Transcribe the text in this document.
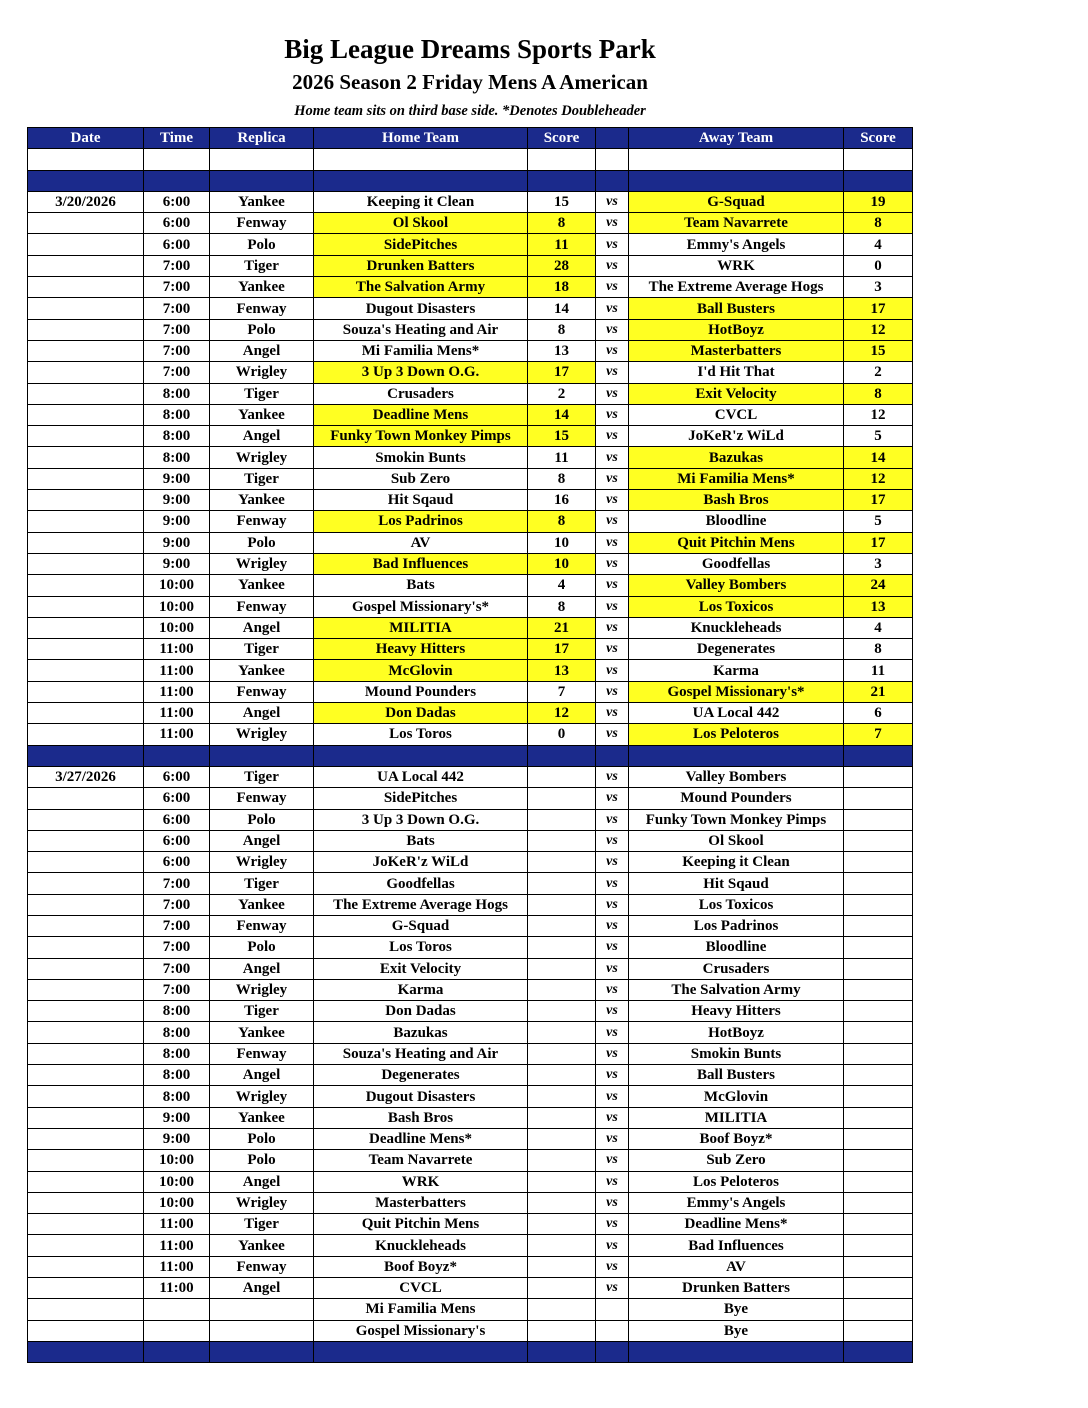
Big League Dreams Sports Park
2026 Season 2 Friday Mens A American
Home team sits on third base side. *Denotes Doubleheader
Date	Time	Replica	Home Team	Score		Away Team	Score

3/20/2026	6:00	Yankee	Keeping it Clean	15	vs	G-Squad	19
	6:00	Fenway	Ol Skool	8	vs	Team Navarrete	8
	6:00	Polo	SidePitches	11	vs	Emmy's Angels	4
	7:00	Tiger	Drunken Batters	28	vs	WRK	0
	7:00	Yankee	The Salvation Army	18	vs	The Extreme Average Hogs	3
	7:00	Fenway	Dugout Disasters	14	vs	Ball Busters	17
	7:00	Polo	Souza's Heating and Air	8	vs	HotBoyz	12
	7:00	Angel	Mi Familia Mens*	13	vs	Masterbatters	15
	7:00	Wrigley	3 Up 3 Down O.G.	17	vs	I'd Hit That	2
	8:00	Tiger	Crusaders	2	vs	Exit Velocity	8
	8:00	Yankee	Deadline Mens	14	vs	CVCL	12
	8:00	Angel	Funky Town Monkey Pimps	15	vs	JoKeR'z WiLd	5
	8:00	Wrigley	Smokin Bunts	11	vs	Bazukas	14
	9:00	Tiger	Sub Zero	8	vs	Mi Familia Mens*	12
	9:00	Yankee	Hit Sqaud	16	vs	Bash Bros	17
	9:00	Fenway	Los Padrinos	8	vs	Bloodline	5
	9:00	Polo	AV	10	vs	Quit Pitchin Mens	17
	9:00	Wrigley	Bad Influences	10	vs	Goodfellas	3
	10:00	Yankee	Bats	4	vs	Valley Bombers	24
	10:00	Fenway	Gospel Missionary's*	8	vs	Los Toxicos	13
	10:00	Angel	MILITIA	21	vs	Knuckleheads	4
	11:00	Tiger	Heavy Hitters	17	vs	Degenerates	8
	11:00	Yankee	McGlovin	13	vs	Karma	11
	11:00	Fenway	Mound Pounders	7	vs	Gospel Missionary's*	21
	11:00	Angel	Don Dadas	12	vs	UA Local 442	6
	11:00	Wrigley	Los Toros	0	vs	Los Peloteros	7

3/27/2026	6:00	Tiger	UA Local 442		vs	Valley Bombers	
	6:00	Fenway	SidePitches		vs	Mound Pounders	
	6:00	Polo	3 Up 3 Down O.G.		vs	Funky Town Monkey Pimps	
	6:00	Angel	Bats		vs	Ol Skool	
	6:00	Wrigley	JoKeR'z WiLd		vs	Keeping it Clean	
	7:00	Tiger	Goodfellas		vs	Hit Sqaud	
	7:00	Yankee	The Extreme Average Hogs		vs	Los Toxicos	
	7:00	Fenway	G-Squad		vs	Los Padrinos	
	7:00	Polo	Los Toros		vs	Bloodline	
	7:00	Angel	Exit Velocity		vs	Crusaders	
	7:00	Wrigley	Karma		vs	The Salvation Army	
	8:00	Tiger	Don Dadas		vs	Heavy Hitters	
	8:00	Yankee	Bazukas		vs	HotBoyz	
	8:00	Fenway	Souza's Heating and Air		vs	Smokin Bunts	
	8:00	Angel	Degenerates		vs	Ball Busters	
	8:00	Wrigley	Dugout Disasters		vs	McGlovin	
	9:00	Yankee	Bash Bros		vs	MILITIA	
	9:00	Polo	Deadline Mens*		vs	Boof Boyz*	
	10:00	Polo	Team Navarrete		vs	Sub Zero	
	10:00	Angel	WRK		vs	Los Peloteros	
	10:00	Wrigley	Masterbatters		vs	Emmy's Angels	
	11:00	Tiger	Quit Pitchin Mens		vs	Deadline Mens*	
	11:00	Yankee	Knuckleheads		vs	Bad Influences	
	11:00	Fenway	Boof Boyz*		vs	AV	
	11:00	Angel	CVCL		vs	Drunken Batters	
			Mi Familia Mens			Bye	
			Gospel Missionary's			Bye	
